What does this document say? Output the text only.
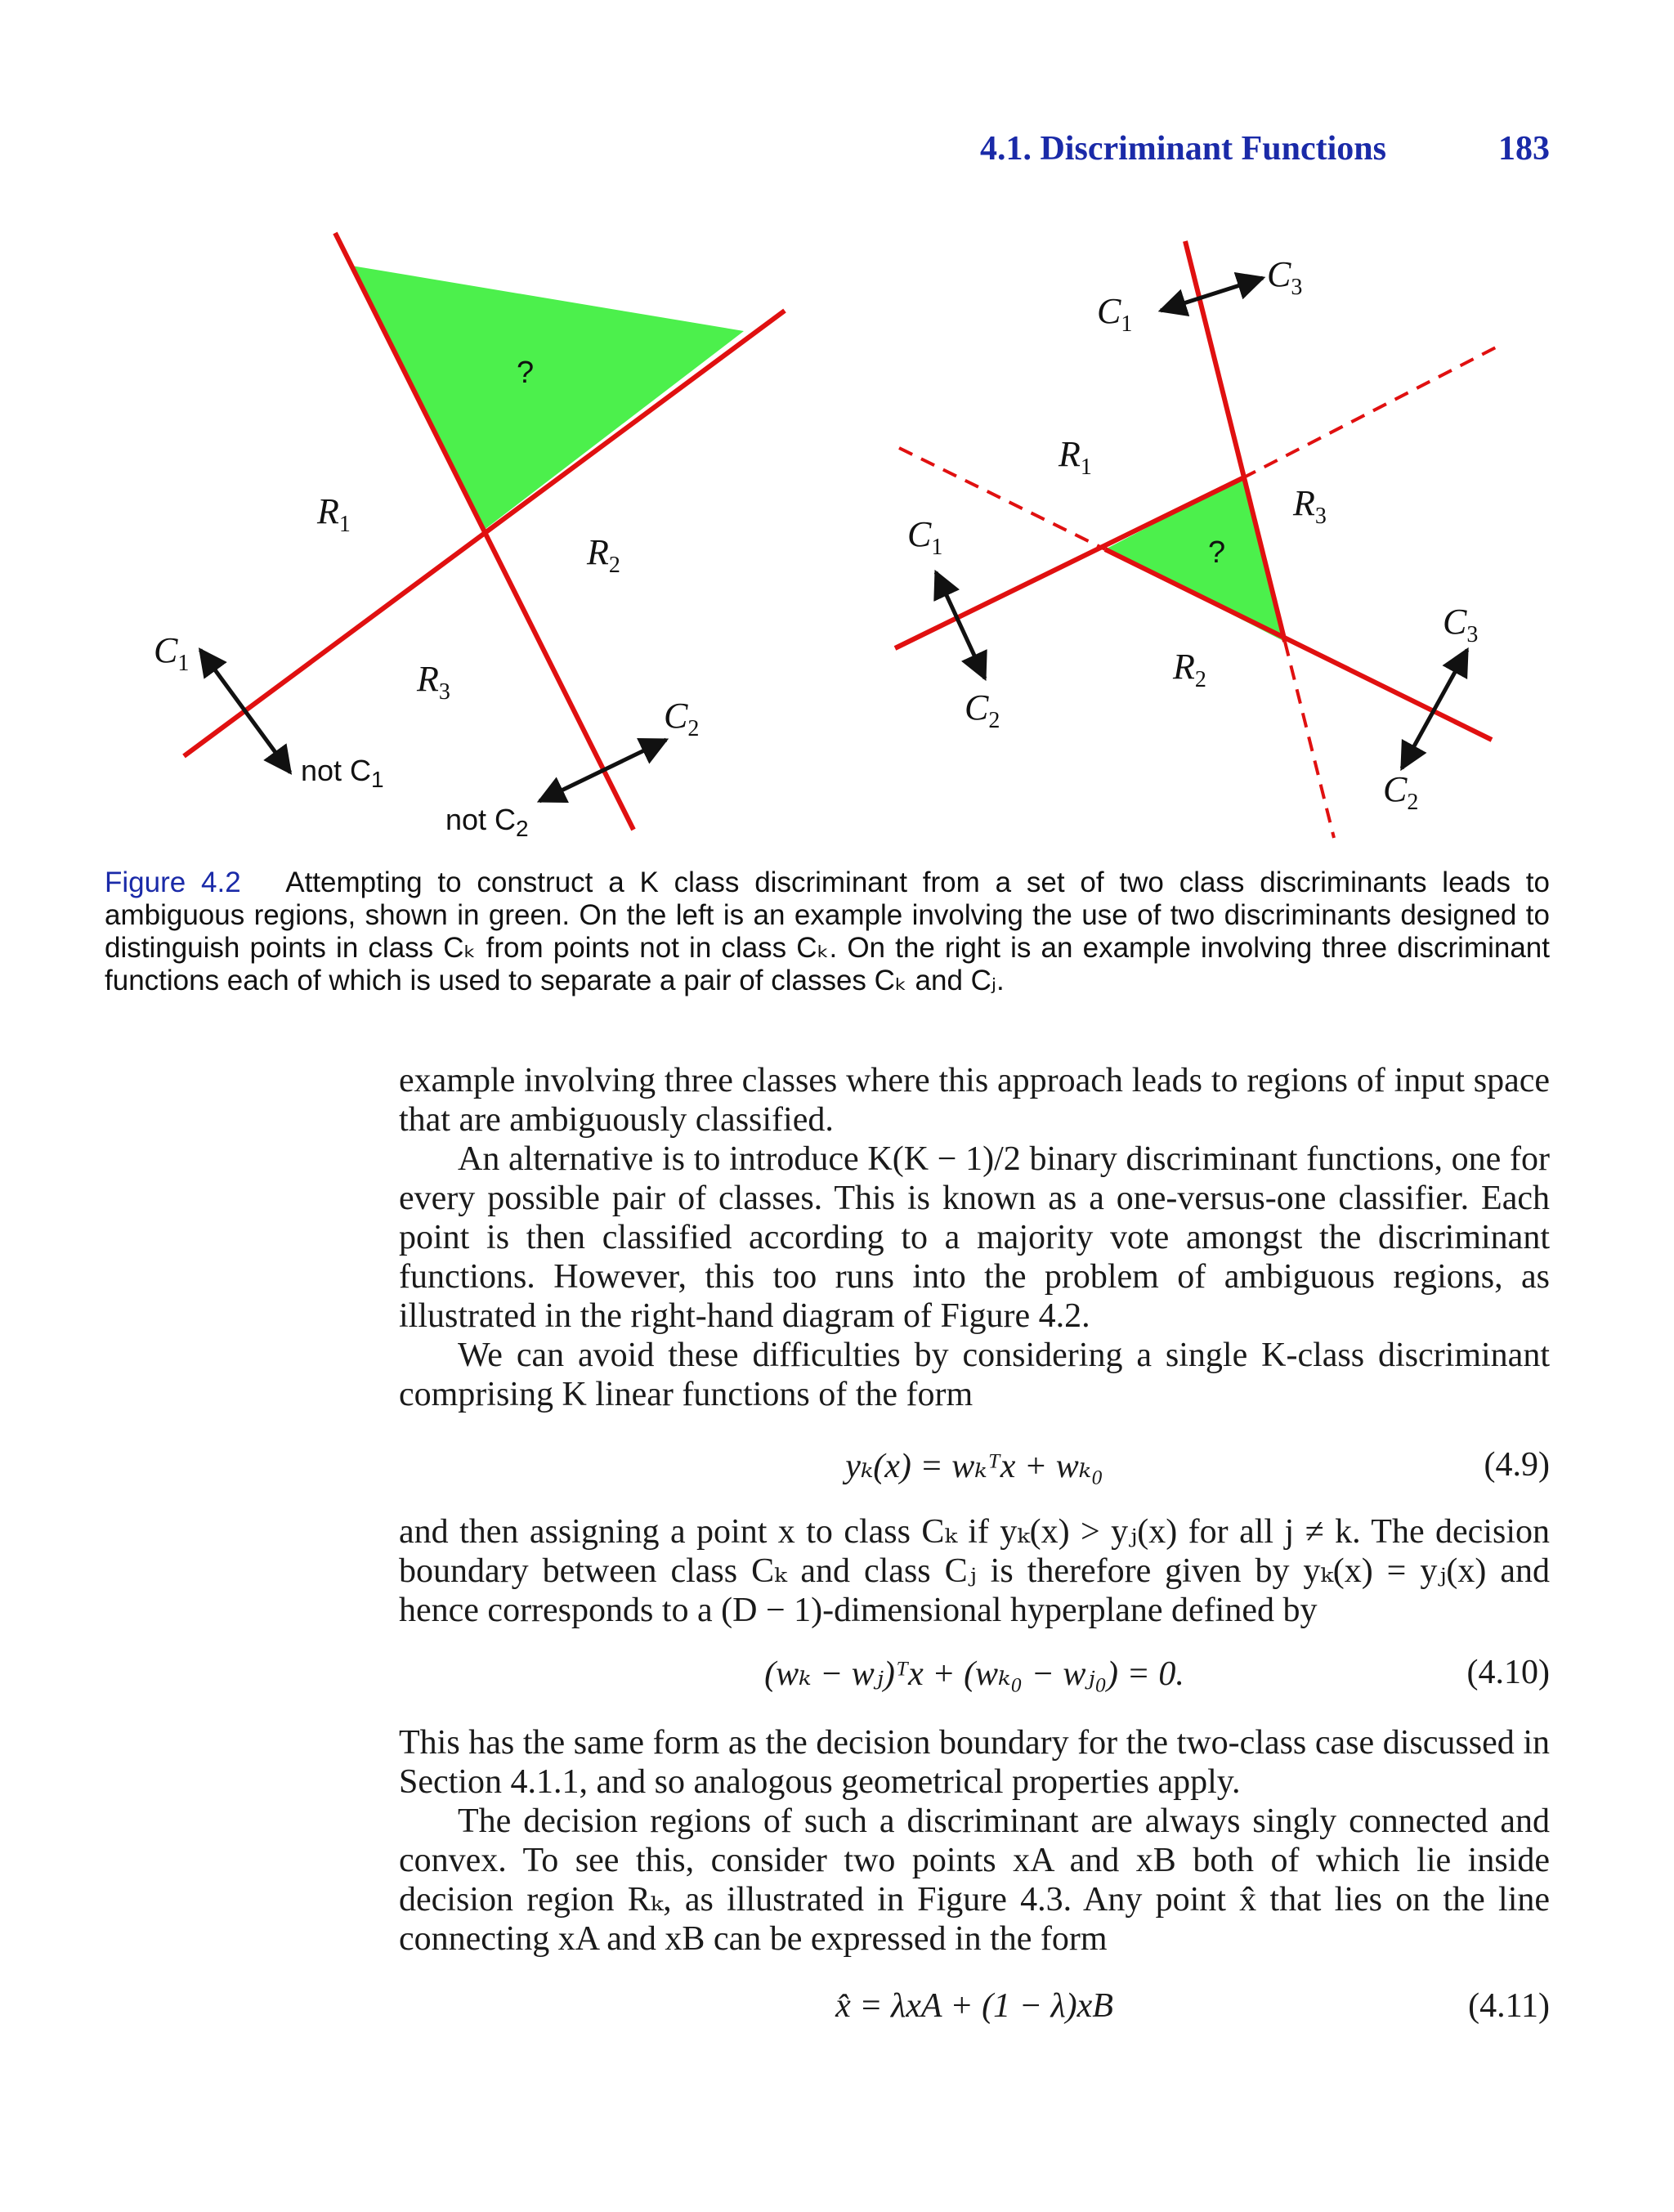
4.1. Discriminant Functions	183
?
$R_1$
$R_2$
$R_3$
$C_1$
not $C_1$
$C_2$
not $C_2$
?
$R_1$
$R_2$
$R_3$
$C_1$
$C_2$
$C_1$
$C_3$
$C_3$
$C_2$
Figure 4.2 Attempting to construct a K class discriminant from a set of two class discriminants leads to ambiguous regions, shown in green. On the left is an example involving the use of two discriminants designed to distinguish points in class Cₖ from points not in class Cₖ. On the right is an example involving three discriminant functions each of which is used to separate a pair of classes Cₖ and Cⱼ.

example involving three classes where this approach leads to regions of input space that are ambiguously classified.

An alternative is to introduce K(K − 1)/2 binary discriminant functions, one for every possible pair of classes. This is known as a one-versus-one classifier. Each point is then classified according to a majority vote amongst the discriminant functions. However, this too runs into the problem of ambiguous regions, as illustrated in the right-hand diagram of Figure 4.2.

We can avoid these difficulties by considering a single K-class discriminant comprising K linear functions of the form

yₖ(x) = wₖᵀx + wₖ₀	(4.9)

and then assigning a point x to class Cₖ if yₖ(x) > yⱼ(x) for all j ≠ k. The decision boundary between class Cₖ and class Cⱼ is therefore given by yₖ(x) = yⱼ(x) and hence corresponds to a (D − 1)-dimensional hyperplane defined by

(wₖ − wⱼ)ᵀx + (wₖ₀ − wⱼ₀) = 0.	(4.10)

This has the same form as the decision boundary for the two-class case discussed in Section 4.1.1, and so analogous geometrical properties apply.

The decision regions of such a discriminant are always singly connected and convex. To see this, consider two points xA and xB both of which lie inside decision region Rₖ, as illustrated in Figure 4.3. Any point x̂ that lies on the line connecting xA and xB can be expressed in the form

x̂ = λxA + (1 − λ)xB	(4.11)
